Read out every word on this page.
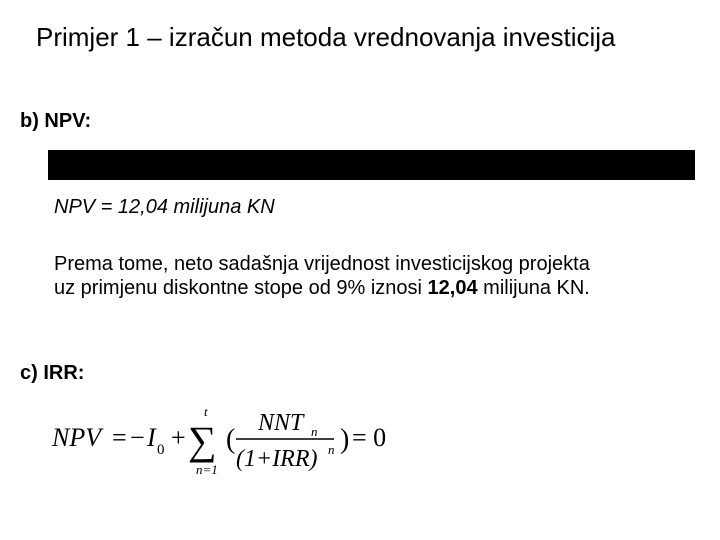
Primjer 1 – izračun metoda vrednovanja investicija
b) NPV:
NPV = 12,04 milijuna KN
Prema tome, neto sadašnja vrijednost investicijskog projekta
uz primjenu diskontne stope od 9% iznosi 12,04 milijuna KN.
c) IRR:
NPV = − I 0 +
t
∑
n=1
(
NNT n
(1+IRR) n ) = 0
